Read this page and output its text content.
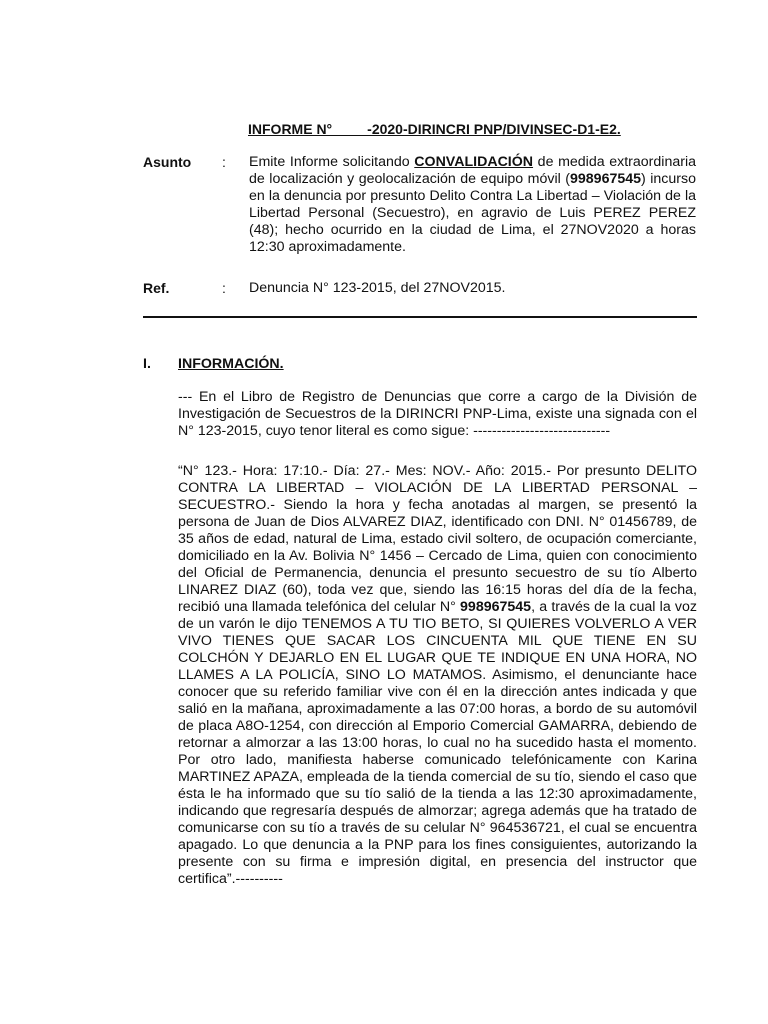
INFORME N°         -2020-DIRINCRI PNP/DIVINSEC-D1-E2.
Asunto : Emite Informe solicitando CONVALIDACIÓN de medida extraordinaria de localización y geolocalización de equipo móvil (998967545) incurso en la denuncia por presunto Delito Contra La Libertad – Violación de la Libertad Personal (Secuestro), en agravio de Luis PEREZ PEREZ (48); hecho ocurrido en la ciudad de Lima, el 27NOV2020 a horas 12:30 aproximadamente.
Ref.	: Denuncia N° 123-2015, del 27NOV2015.
I. INFORMACIÓN.
--- En el Libro de Registro de Denuncias que corre a cargo de la División de Investigación de Secuestros de la DIRINCRI PNP-Lima, existe una signada con el N° 123-2015, cuyo tenor literal es como sigue: -----------------------------
“N° 123.- Hora: 17:10.- Día: 27.- Mes: NOV.- Año: 2015.- Por presunto DELITO CONTRA LA LIBERTAD – VIOLACIÓN DE LA LIBERTAD PERSONAL – SECUESTRO.- Siendo la hora y fecha anotadas al margen, se presentó la persona de Juan de Dios ALVAREZ DIAZ, identificado con DNI. N° 01456789, de 35 años de edad, natural de Lima, estado civil soltero, de ocupación comerciante, domiciliado en la Av. Bolivia N° 1456 – Cercado de Lima, quien con conocimiento del Oficial de Permanencia, denuncia el presunto secuestro de su tío Alberto LINAREZ DIAZ (60), toda vez que, siendo las 16:15 horas del día de la fecha, recibió una llamada telefónica del celular N° 998967545, a través de la cual la voz de un varón le dijo TENEMOS A TU TIO BETO, SI QUIERES VOLVERLO A VER VIVO TIENES QUE SACAR LOS CINCUENTA MIL QUE TIENE EN SU COLCHÓN Y DEJARLO EN EL LUGAR QUE TE INDIQUE EN UNA HORA, NO LLAMES A LA POLICÍA, SINO LO MATAMOS. Asimismo, el denunciante hace conocer que su referido familiar vive con él en la dirección antes indicada y que salió en la mañana, aproximadamente a las 07:00 horas, a bordo de su automóvil de placa A8O-1254, con dirección al Emporio Comercial GAMARRA, debiendo de retornar a almorzar a las 13:00 horas, lo cual no ha sucedido hasta el momento. Por otro lado, manifiesta haberse comunicado telefónicamente con Karina MARTINEZ APAZA, empleada de la tienda comercial de su tío, siendo el caso que ésta le ha informado que su tío salió de la tienda a las 12:30 aproximadamente, indicando que regresaría después de almorzar; agrega además que ha tratado de comunicarse con su tío a través de su celular N° 964536721, el cual se encuentra apagado. Lo que denuncia a la PNP para los fines consiguientes, autorizando la presente con su firma e impresión digital, en presencia del instructor que certifica”.----------
